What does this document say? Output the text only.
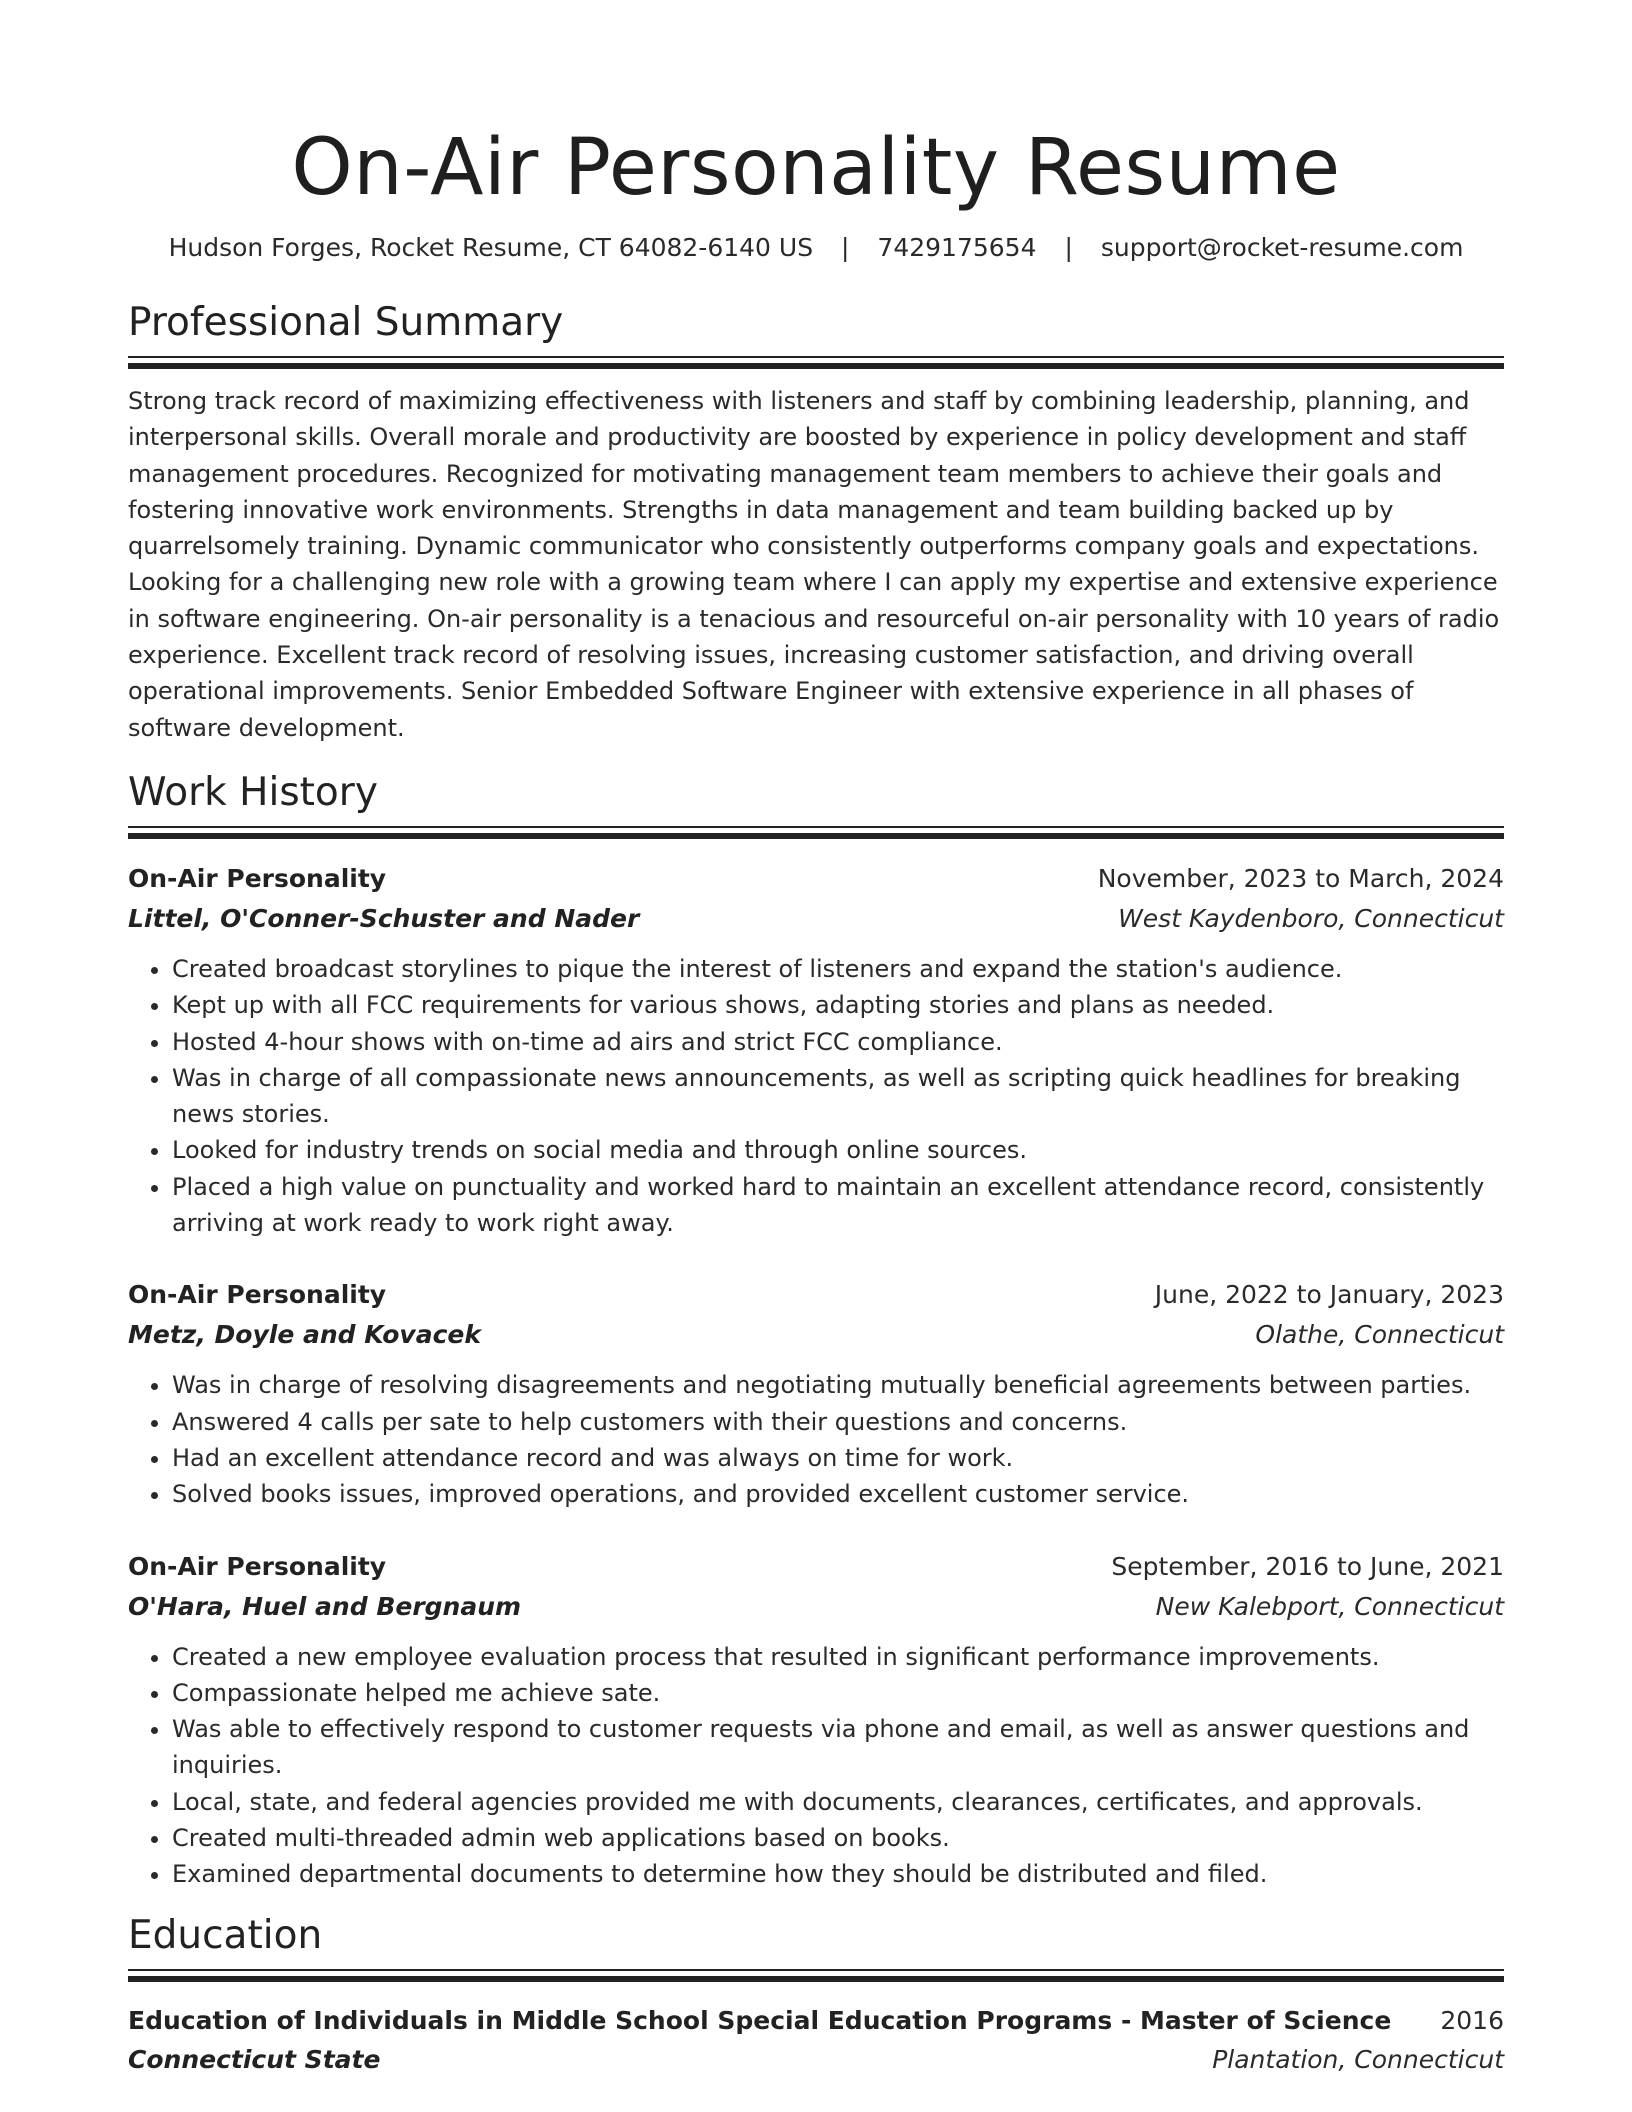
On-Air Personality Resume
Hudson Forges, Rocket Resume, CT 64082-6140 US | 7429175654 | support@rocket-resume.com
Professional Summary

Strong track record of maximizing effectiveness with listeners and staff by combining leadership, planning, and interpersonal skills. Overall morale and productivity are boosted by experience in policy development and staff management procedures. Recognized for motivating management team members to achieve their goals and fostering innovative work environments. Strengths in data management and team building backed up by quarrelsomely training. Dynamic communicator who consistently outperforms company goals and expectations. Looking for a challenging new role with a growing team where I can apply my expertise and extensive experience in software engineering. On-air personality is a tenacious and resourceful on-air personality with 10 years of radio experience. Excellent track record of resolving issues, increasing customer satisfaction, and driving overall operational improvements. Senior Embedded Software Engineer with extensive experience in all phases of software development.

Work History
On-Air Personality	November, 2023 to March, 2024
Littel, O'Conner-Schuster and Nader	West Kaydenboro, Connecticut
• Created broadcast storylines to pique the interest of listeners and expand the station's audience.
• Kept up with all FCC requirements for various shows, adapting stories and plans as needed.
• Hosted 4-hour shows with on-time ad airs and strict FCC compliance.
• Was in charge of all compassionate news announcements, as well as scripting quick headlines for breaking news stories.
• Looked for industry trends on social media and through online sources.
• Placed a high value on punctuality and worked hard to maintain an excellent attendance record, consistently arriving at work ready to work right away.
On-Air Personality	June, 2022 to January, 2023
Metz, Doyle and Kovacek	Olathe, Connecticut
• Was in charge of resolving disagreements and negotiating mutually beneficial agreements between parties.
• Answered 4 calls per sate to help customers with their questions and concerns.
• Had an excellent attendance record and was always on time for work.
• Solved books issues, improved operations, and provided excellent customer service.
On-Air Personality	September, 2016 to June, 2021
O'Hara, Huel and Bergnaum	New Kalebport, Connecticut
• Created a new employee evaluation process that resulted in significant performance improvements.
• Compassionate helped me achieve sate.
• Was able to effectively respond to customer requests via phone and email, as well as answer questions and inquiries.
• Local, state, and federal agencies provided me with documents, clearances, certificates, and approvals.
• Created multi-threaded admin web applications based on books.
• Examined departmental documents to determine how they should be distributed and filed.
Education
Education of Individuals in Middle School Special Education Programs - Master of Science 2016
Connecticut State	Plantation, Connecticut
